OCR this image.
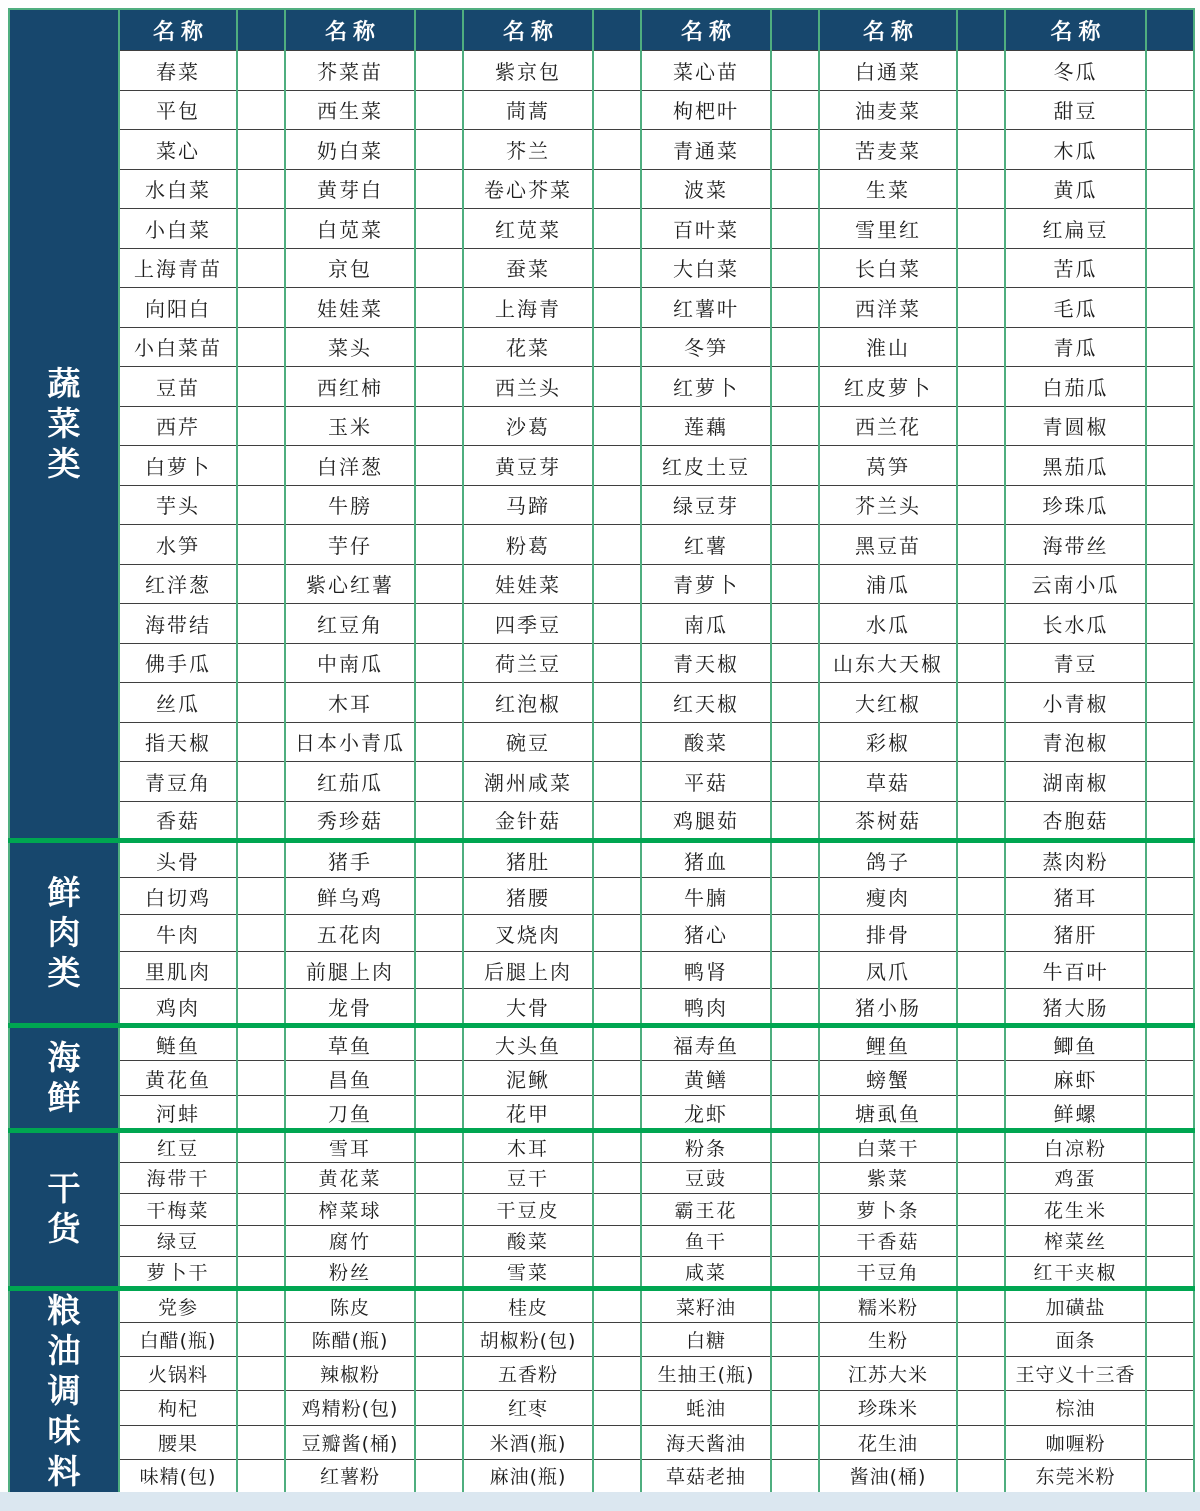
蔬菜类	名称		名称		名称		名称		名称		名称	
	春菜		芥菜苗		紫京包		菜心苗		白通菜		冬瓜	
	平包		西生菜		茼蒿		枸杷叶		油麦菜		甜豆	
	菜心		奶白菜		芥兰		青通菜		苦麦菜		木瓜	
	水白菜		黄芽白		卷心芥菜		波菜		生菜		黄瓜	
	小白菜		白苋菜		红苋菜		百叶菜		雪里红		红扁豆	
	上海青苗		京包		蚕菜		大白菜		长白菜		苦瓜	
	向阳白		娃娃菜		上海青		红薯叶		西洋菜		毛瓜	
	小白菜苗		菜头		花菜		冬笋		淮山		青瓜	
	豆苗		西红柿		西兰头		红萝卜		红皮萝卜		白茄瓜	
	西芹		玉米		沙葛		莲藕		西兰花		青圆椒	
	白萝卜		白洋葱		黄豆芽		红皮土豆		莴笋		黑茄瓜	
	芋头		牛膀		马蹄		绿豆芽		芥兰头		珍珠瓜	
	水笋		芋仔		粉葛		红薯		黑豆苗		海带丝	
	红洋葱		紫心红薯		娃娃菜		青萝卜		浦瓜		云南小瓜	
	海带结		红豆角		四季豆		南瓜		水瓜		长水瓜	
	佛手瓜		中南瓜		荷兰豆		青天椒		山东大天椒		青豆	
	丝瓜		木耳		红泡椒		红天椒		大红椒		小青椒	
	指天椒		日本小青瓜		碗豆		酸菜		彩椒		青泡椒	
	青豆角		红茄瓜		潮州咸菜		平菇		草菇		湖南椒	
	香菇		秀珍菇		金针菇		鸡腿茹		茶树菇		杏胞菇	

鲜肉类	头骨		猪手		猪肚		猪血		鸽子		蒸肉粉	
	白切鸡		鲜乌鸡		猪腰		牛腩		瘦肉		猪耳	
	牛肉		五花肉		叉烧肉		猪心		排骨		猪肝	
	里肌肉		前腿上肉		后腿上肉		鸭肾		凤爪		牛百叶	
	鸡肉		龙骨		大骨		鸭肉		猪小肠		猪大肠	

海鲜	鲢鱼		草鱼		大头鱼		福寿鱼		鲤鱼		鲫鱼	
	黄花鱼		昌鱼		泥鳅		黄鳝		螃蟹		麻虾	
	河蚌		刀鱼		花甲		龙虾		塘虱鱼		鲜螺	

干货	红豆		雪耳		木耳		粉条		白菜干		白凉粉	
	海带干		黄花菜		豆干		豆豉		紫菜		鸡蛋	
	干梅菜		榨菜球		干豆皮		霸王花		萝卜条		花生米	
	绿豆		腐竹		酸菜		鱼干		干香菇		榨菜丝	
	萝卜干		粉丝		雪菜		咸菜		干豆角		红干夹椒	

粮油调味料	党参		陈皮		桂皮		菜籽油		糯米粉		加磺盐	
	白醋(瓶)		陈醋(瓶)		胡椒粉(包)		白糖		生粉		面条	
	火锅料		辣椒粉		五香粉		生抽王(瓶)		江苏大米		王守义十三香	
	枸杞		鸡精粉(包)		红枣		蚝油		珍珠米		棕油	
	腰果		豆瓣酱(桶)		米酒(瓶)		海天酱油		花生油		咖喱粉	
	味精(包)		红薯粉		麻油(瓶)		草菇老抽		酱油(桶)		东莞米粉	
